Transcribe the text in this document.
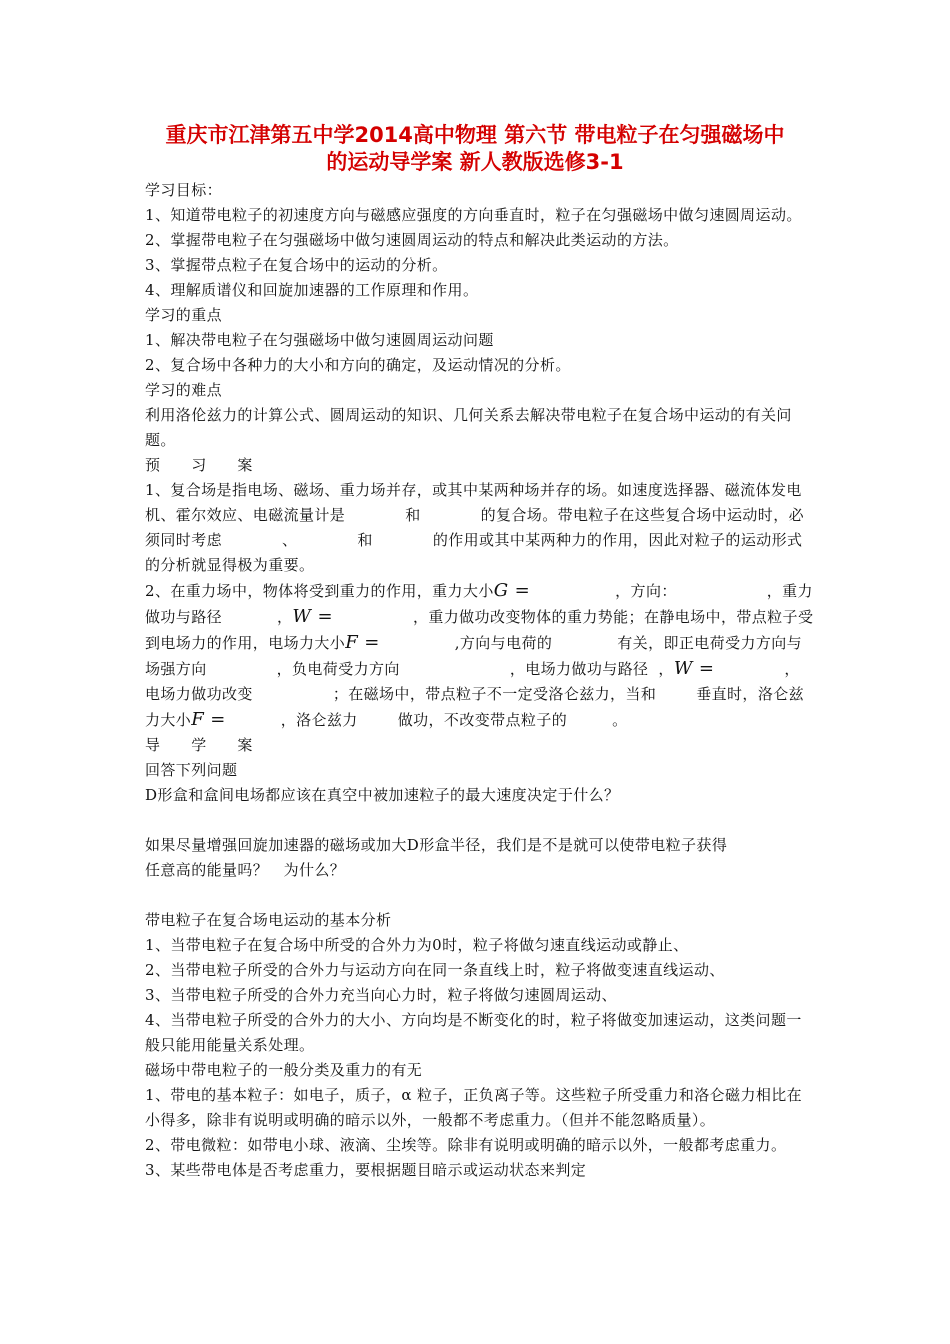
重庆市江津第五中学2014高中物理 第六节 带电粒子在匀强磁场中
的运动导学案 新人教版选修3-1

学习目标：

1、知道带电粒子的初速度方向与磁感应强度的方向垂直时，粒子在匀强磁场中做匀速圆周运动。

2、掌握带电粒子在匀强磁场中做匀速圆周运动的特点和解决此类运动的方法。

3、掌握带点粒子在复合场中的运动的分析。

4、理解质谱仪和回旋加速器的工作原理和作用。

学习的重点

1、解决带电粒子在匀强磁场中做匀速圆周运动问题

2、复合场中各种力的大小和方向的确定，及运动情况的分析。

学习的难点

利用洛伦兹力的计算公式、圆周运动的知识、几何关系去解决带电粒子在复合场中运动的有关问题。

预　　习　　案

1、复合场是指电场、磁场、重力场并存，或其中某两种场并存的场。如速度选择器、磁流体发电机、霍尔效应、电磁流量计是	和	的复合场。带电粒子在这些复合场中运动时，必须同时考虑	、	和	的作用或其中某两种力的作用，因此对粒子的运动形式的分析就显得极为重要。

2、在重力场中，物体将受到重力的作用，重力大小G =	，方向：	，重力做功与路径	，W =	，重力做功改变物体的重力势能；在静电场中，带点粒子受到电场力的作用，电场力大小F =	,方向与电荷的	有关，即正电荷受力方向与场强方向	，负电荷受力方向	，电场力做功与路径 ，W =	，电场力做功改变	；在磁场中，带点粒子不一定受洛仑兹力，当和	垂直时，洛仑兹力大小F =	，洛仑兹力	做功，不改变带点粒子的	。

导　　学　　案

回答下列问题

D形盒和盒间电场都应该在真空中被加速粒子的最大速度决定于什么？

如果尽量增强回旋加速器的磁场或加大D形盒半径，我们是不是就可以使带电粒子获得

任意高的能量吗？　为什么？

带电粒子在复合场电运动的基本分析

1、当带电粒子在复合场中所受的合外力为0时，粒子将做匀速直线运动或静止、

2、当带电粒子所受的合外力与运动方向在同一条直线上时，粒子将做变速直线运动、

3、当带电粒子所受的合外力充当向心力时，粒子将做匀速圆周运动、

4、当带电粒子所受的合外力的大小、方向均是不断变化的时，粒子将做变加速运动，这类问题一般只能用能量关系处理。

磁场中带电粒子的一般分类及重力的有无

1、带电的基本粒子：如电子，质子，α 粒子，正负离子等。这些粒子所受重力和洛仑磁力相比在小得多，除非有说明或明确的暗示以外，一般都不考虑重力。（但并不能忽略质量）。

2、带电微粒：如带电小球、液滴、尘埃等。除非有说明或明确的暗示以外，一般都考虑重力。

3、某些带电体是否考虑重力，要根据题目暗示或运动状态来判定
